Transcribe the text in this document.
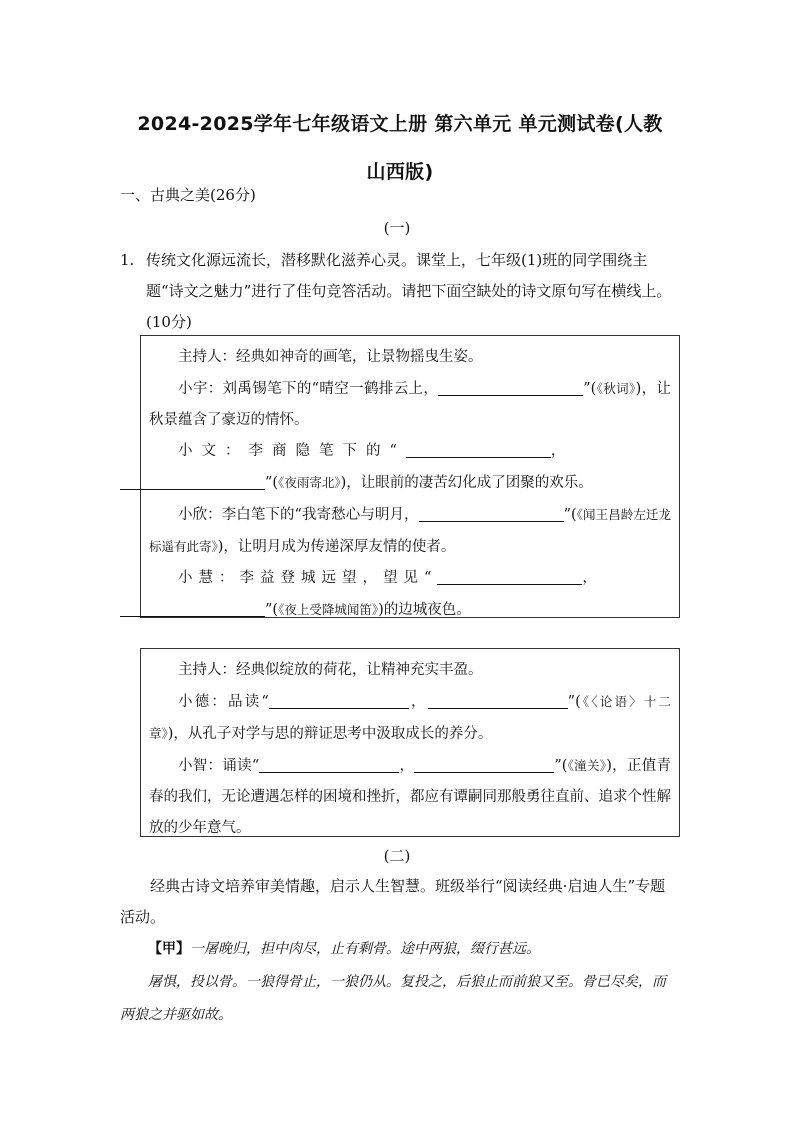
2024-2025学年七年级语文上册 第六单元 单元测试卷(人教
山西版)
一、古典之美(26分)
(一)
1. 传统文化源远流长，潜移默化滋养心灵。课堂上，七年级(1)班的同学围绕主题“诗文之魅力”进行了佳句竞答活动。请把下面空缺处的诗文原句写在横线上。(10分)

主持人：经典如神奇的画笔，让景物摇曳生姿。

小宇：刘禹锡笔下的“晴空一鹤排云上，	”(《秋词》)，让秋景蕴含了豪迈的情怀。

小文：李商隐笔下的“	，
”(《夜雨寄北》)，让眼前的凄苦幻化成了团聚的欢乐。

小欣：李白笔下的“我寄愁心与明月，	”(《闻王昌龄左迁龙标遥有此寄》)，让明月成为传递深厚友情的使者。

小慧：李益登城远望，望见“	，
”(《夜上受降城闻笛》)的边城夜色。

主持人：经典似绽放的荷花，让精神充实丰盈。

小德：品读“	，	”(《〈论语〉十二章》)，从孔子对学与思的辩证思考中汲取成长的养分。

小智：诵读“	，	”(《潼关》)，正值青春的我们，无论遭遇怎样的困境和挫折，都应有谭嗣同那般勇往直前、追求个性解放的少年意气。

(二)

经典古诗文培养审美情趣，启示人生智慧。班级举行“阅读经典·启迪人生”专题活动。

【甲】一屠晚归，担中肉尽，止有剩骨。途中两狼，缀行甚远。

屠惧，投以骨。一狼得骨止，一狼仍从。复投之，后狼止而前狼又至。骨已尽矣，而两狼之并驱如故。
